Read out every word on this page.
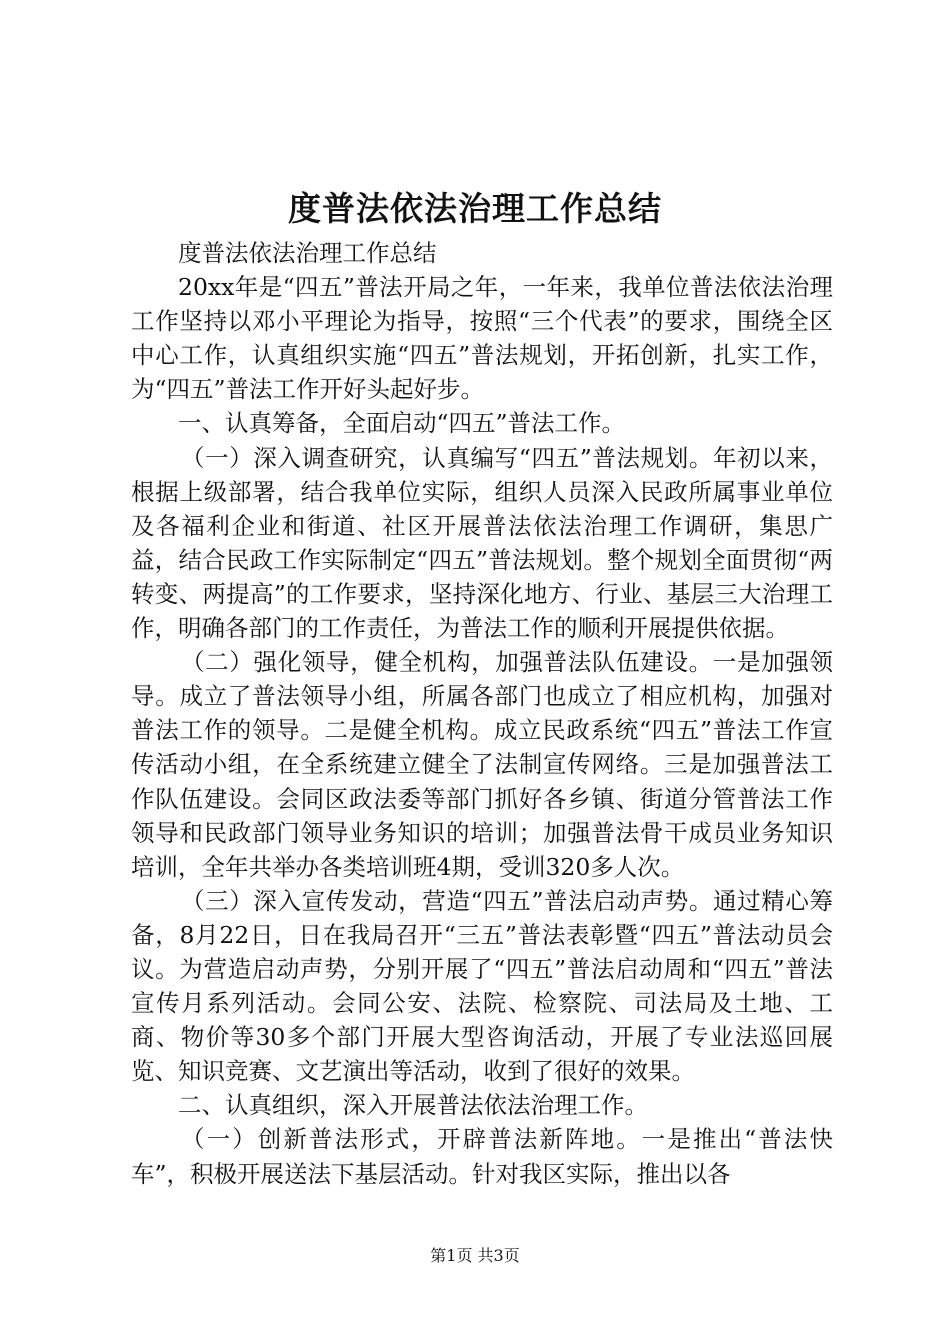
度普法依法治理工作总结

度普法依法治理工作总结

20xx年是“四五”普法开局之年，一年来，我单位普法依法治理工作坚持以邓小平理论为指导，按照“三个代表”的要求，围绕全区中心工作，认真组织实施“四五”普法规划，开拓创新，扎实工作，为“四五”普法工作开好头起好步。

一、认真筹备，全面启动“四五”普法工作。

（一）深入调查研究，认真编写“四五”普法规划。年初以来，根据上级部署，结合我单位实际，组织人员深入民政所属事业单位及各福利企业和街道、社区开展普法依法治理工作调研，集思广益，结合民政工作实际制定“四五”普法规划。整个规划全面贯彻“两转变、两提高”的工作要求，坚持深化地方、行业、基层三大治理工作，明确各部门的工作责任，为普法工作的顺利开展提供依据。

（二）强化领导，健全机构，加强普法队伍建设。一是加强领导。成立了普法领导小组，所属各部门也成立了相应机构，加强对普法工作的领导。二是健全机构。成立民政系统“四五”普法工作宣传活动小组，在全系统建立健全了法制宣传网络。三是加强普法工作队伍建设。会同区政法委等部门抓好各乡镇、街道分管普法工作领导和民政部门领导业务知识的培训；加强普法骨干成员业务知识培训，全年共举办各类培训班4期，受训320多人次。

（三）深入宣传发动，营造“四五”普法启动声势。通过精心筹备，8月22日，日在我局召开“三五”普法表彰暨“四五”普法动员会议。为营造启动声势，分别开展了“四五”普法启动周和“四五”普法宣传月系列活动。会同公安、法院、检察院、司法局及土地、工商、物价等30多个部门开展大型咨询活动，开展了专业法巡回展览、知识竞赛、文艺演出等活动，收到了很好的效果。

二、认真组织，深入开展普法依法治理工作。

（一）创新普法形式，开辟普法新阵地。一是推出“普法快车”，积极开展送法下基层活动。针对我区实际，推出以各

第1页 共3页
